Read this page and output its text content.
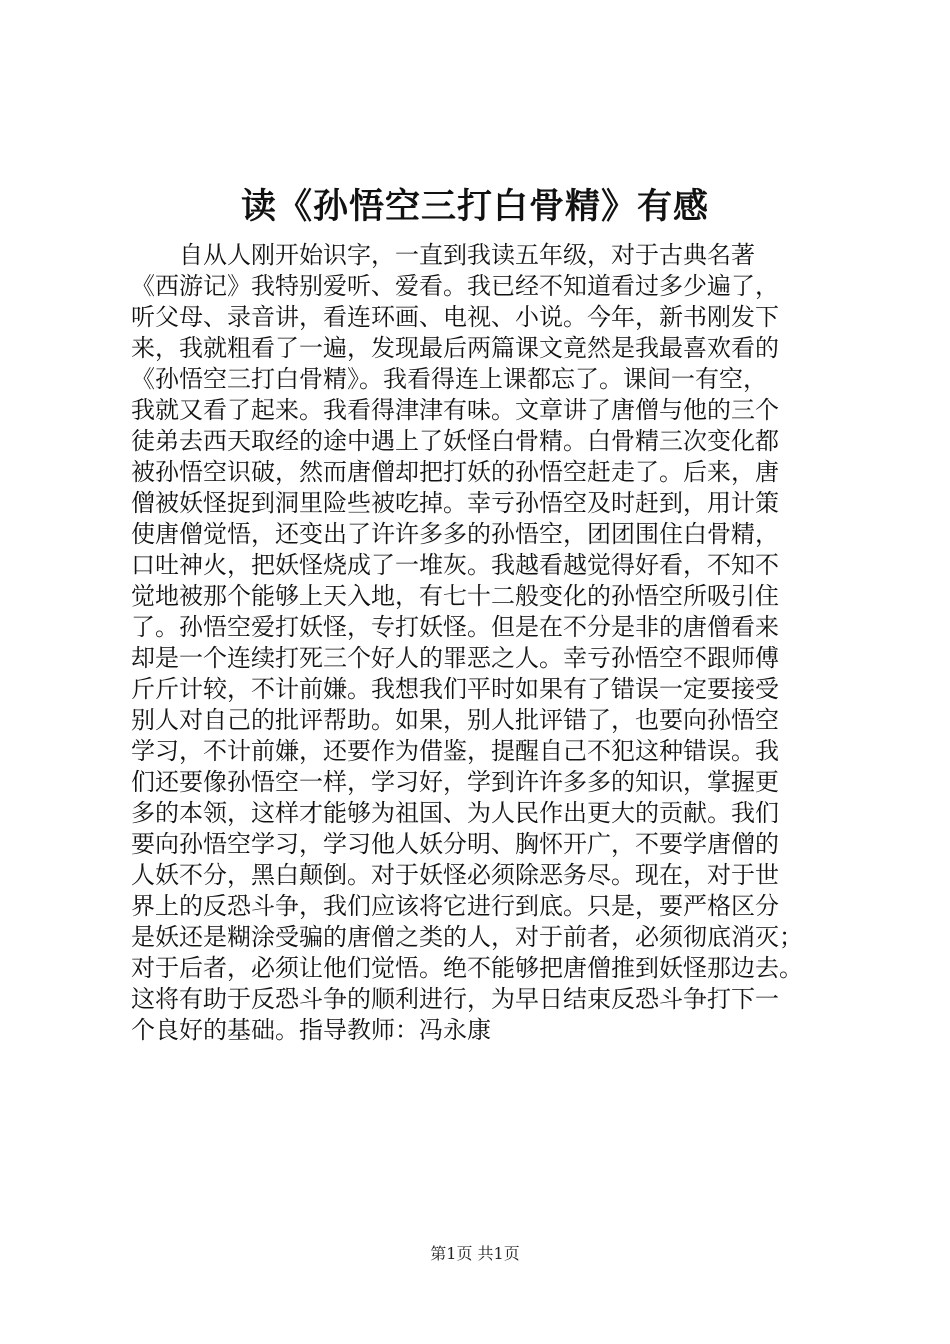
读《孙悟空三打白骨精》有感
　　自从人刚开始识字，一直到我读五年级，对于古典名著
《西游记》我特别爱听、爱看。我已经不知道看过多少遍了，
听父母、录音讲，看连环画、电视、小说。今年，新书刚发下
来，我就粗看了一遍，发现最后两篇课文竟然是我最喜欢看的
《孙悟空三打白骨精》。我看得连上课都忘了。课间一有空，
我就又看了起来。我看得津津有味。文章讲了唐僧与他的三个
徒弟去西天取经的途中遇上了妖怪白骨精。白骨精三次变化都
被孙悟空识破，然而唐僧却把打妖的孙悟空赶走了。后来，唐
僧被妖怪捉到洞里险些被吃掉。幸亏孙悟空及时赶到，用计策
使唐僧觉悟，还变出了许许多多的孙悟空，团团围住白骨精，
口吐神火，把妖怪烧成了一堆灰。我越看越觉得好看，不知不
觉地被那个能够上天入地，有七十二般变化的孙悟空所吸引住
了。孙悟空爱打妖怪，专打妖怪。但是在不分是非的唐僧看来
却是一个连续打死三个好人的罪恶之人。幸亏孙悟空不跟师傅
斤斤计较，不计前嫌。我想我们平时如果有了错误一定要接受
别人对自己的批评帮助。如果，别人批评错了，也要向孙悟空
学习，不计前嫌，还要作为借鉴，提醒自己不犯这种错误。我
们还要像孙悟空一样，学习好，学到许许多多的知识，掌握更
多的本领，这样才能够为祖国、为人民作出更大的贡献。我们
要向孙悟空学习，学习他人妖分明、胸怀开广，不要学唐僧的
人妖不分，黑白颠倒。对于妖怪必须除恶务尽。现在，对于世
界上的反恐斗争，我们应该将它进行到底。只是，要严格区分
是妖还是糊涂受骗的唐僧之类的人，对于前者，必须彻底消灭；
对于后者，必须让他们觉悟。绝不能够把唐僧推到妖怪那边去。
这将有助于反恐斗争的顺利进行，为早日结束反恐斗争打下一
个良好的基础。指导教师：冯永康
第1页 共1页
